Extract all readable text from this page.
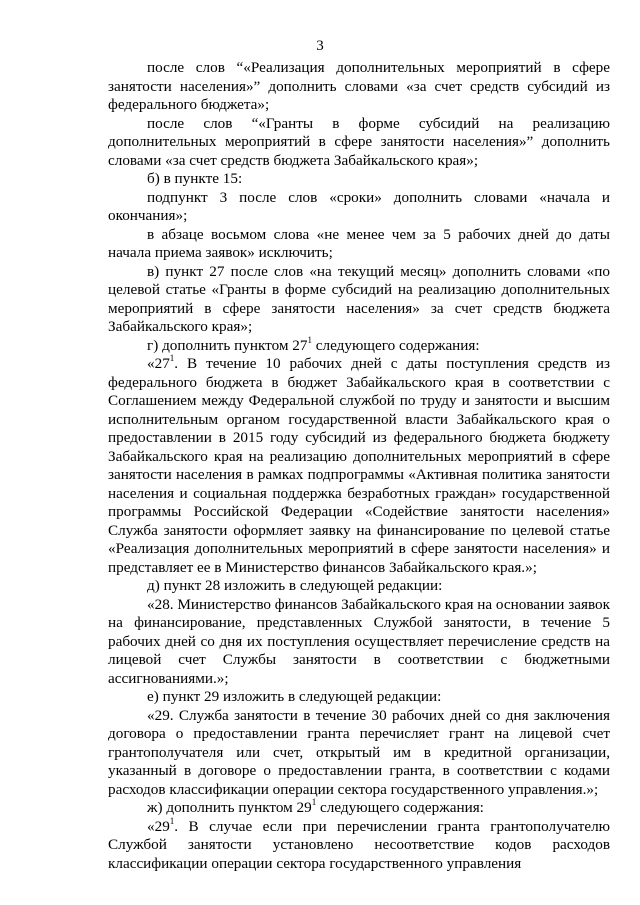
3

после слов “«Реализация дополнительных мероприятий в сфере занятости населения»” дополнить словами «за счет средств субсидий из федерального бюджета»;

после слов “«Гранты в форме субсидий на реализацию дополнительных мероприятий в сфере занятости населения»” дополнить словами «за счет средств бюджета Забайкальского края»;

б) в пункте 15:

подпункт 3 после слов «сроки» дополнить словами «начала и окончания»;

в абзаце восьмом слова «не менее чем за 5 рабочих дней до даты начала приема заявок» исключить;

в) пункт 27 после слов «на текущий месяц» дополнить словами «по целевой статье «Гранты в форме субсидий на реализацию дополнительных мероприятий в сфере занятости населения» за счет средств бюджета Забайкальского края»;

г) дополнить пунктом $27^1$ следующего содержания:

«$27^1$. В течение 10 рабочих дней с даты поступления средств из федерального бюджета в бюджет Забайкальского края в соответствии с Соглашением между Федеральной службой по труду и занятости и высшим исполнительным органом государственной власти Забайкальского края о предоставлении в 2015 году субсидий из федерального бюджета бюджету Забайкальского края на реализацию дополнительных мероприятий в сфере занятости населения в рамках подпрограммы «Активная политика занятости населения и социальная поддержка безработных граждан» государственной программы Российской Федерации «Содействие занятости населения» Служба занятости оформляет заявку на финансирование по целевой статье «Реализация дополнительных мероприятий в сфере занятости населения» и представляет ее в Министерство финансов Забайкальского края.»;

д) пункт 28 изложить в следующей редакции:

«28. Министерство финансов Забайкальского края на основании заявок на финансирование, представленных Службой занятости, в течение 5 рабочих дней со дня их поступления осуществляет перечисление средств на лицевой счет Службы занятости в соответствии с бюджетными ассигнованиями.»;

е) пункт 29 изложить в следующей редакции:

«29. Служба занятости в течение 30 рабочих дней со дня заключения договора о предоставлении гранта перечисляет грант на лицевой счет грантополучателя или счет, открытый им в кредитной организации, указанный в договоре о предоставлении гранта, в соответствии с кодами расходов классификации операции сектора государственного управления.»;

ж) дополнить пунктом $29^1$ следующего содержания:

«$29^1$. В случае если при перечислении гранта грантополучателю Службой занятости установлено несоответствие кодов расходов классификации операции сектора государственного управления
